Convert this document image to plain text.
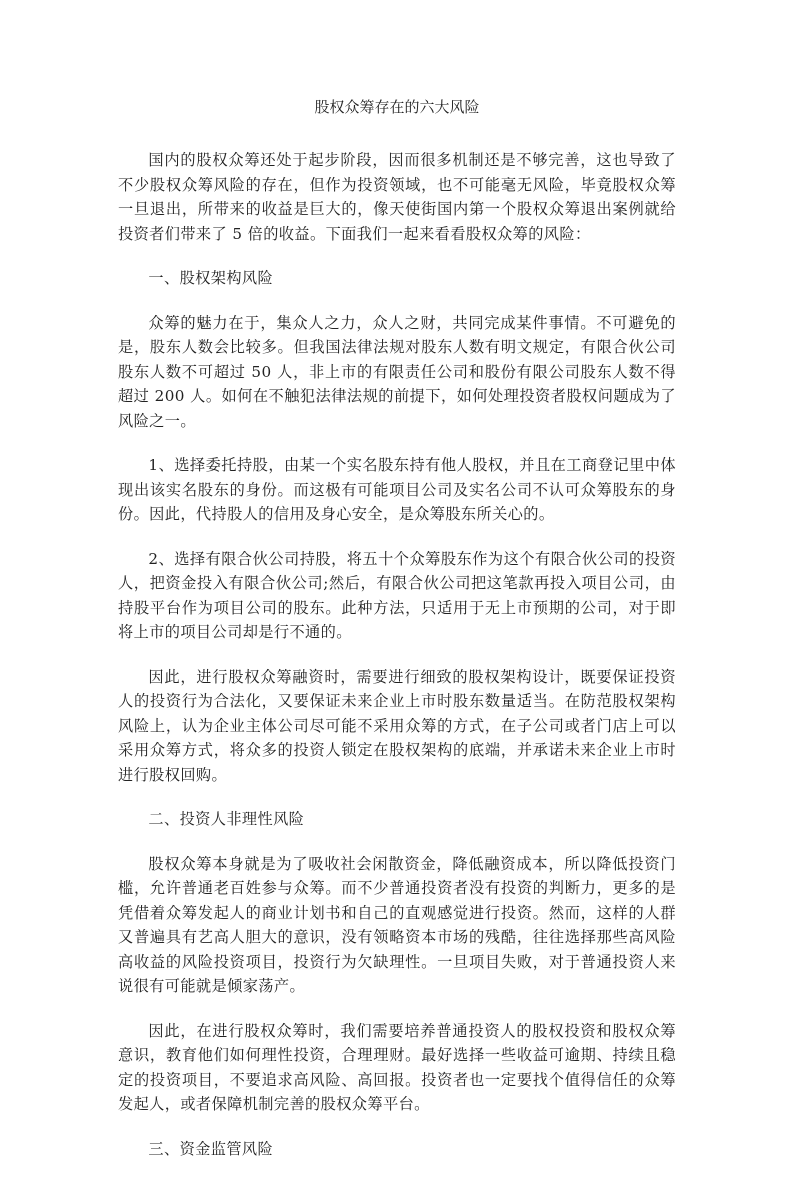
股权众筹存在的六大风险

国内的股权众筹还处于起步阶段，因而很多机制还是不够完善，这也导致了不少股权众筹风险的存在，但作为投资领域，也不可能毫无风险，毕竟股权众筹一旦退出，所带来的收益是巨大的，像天使街国内第一个股权众筹退出案例就给投资者们带来了 5 倍的收益。下面我们一起来看看股权众筹的风险：

一、股权架构风险

众筹的魅力在于，集众人之力，众人之财，共同完成某件事情。不可避免的是，股东人数会比较多。但我国法律法规对股东人数有明文规定，有限合伙公司股东人数不可超过 50 人，非上市的有限责任公司和股份有限公司股东人数不得超过 200 人。如何在不触犯法律法规的前提下，如何处理投资者股权问题成为了风险之一。

1、选择委托持股，由某一个实名股东持有他人股权，并且在工商登记里中体现出该实名股东的身份。而这极有可能项目公司及实名公司不认可众筹股东的身份。因此，代持股人的信用及身心安全，是众筹股东所关心的。

2、选择有限合伙公司持股，将五十个众筹股东作为这个有限合伙公司的投资人，把资金投入有限合伙公司;然后，有限合伙公司把这笔款再投入项目公司，由持股平台作为项目公司的股东。此种方法，只适用于无上市预期的公司，对于即将上市的项目公司却是行不通的。

因此，进行股权众筹融资时，需要进行细致的股权架构设计，既要保证投资人的投资行为合法化，又要保证未来企业上市时股东数量适当。在防范股权架构风险上，认为企业主体公司尽可能不采用众筹的方式，在子公司或者门店上可以采用众筹方式，将众多的投资人锁定在股权架构的底端，并承诺未来企业上市时进行股权回购。

二、投资人非理性风险

股权众筹本身就是为了吸收社会闲散资金，降低融资成本，所以降低投资门槛，允许普通老百姓参与众筹。而不少普通投资者没有投资的判断力，更多的是凭借着众筹发起人的商业计划书和自己的直观感觉进行投资。然而，这样的人群又普遍具有艺高人胆大的意识，没有领略资本市场的残酷，往往选择那些高风险高收益的风险投资项目，投资行为欠缺理性。一旦项目失败，对于普通投资人来说很有可能就是倾家荡产。

因此，在进行股权众筹时，我们需要培养普通投资人的股权投资和股权众筹意识，教育他们如何理性投资，合理理财。最好选择一些收益可逾期、持续且稳定的投资项目，不要追求高风险、高回报。投资者也一定要找个值得信任的众筹发起人，或者保障机制完善的股权众筹平台。

三、资金监管风险
